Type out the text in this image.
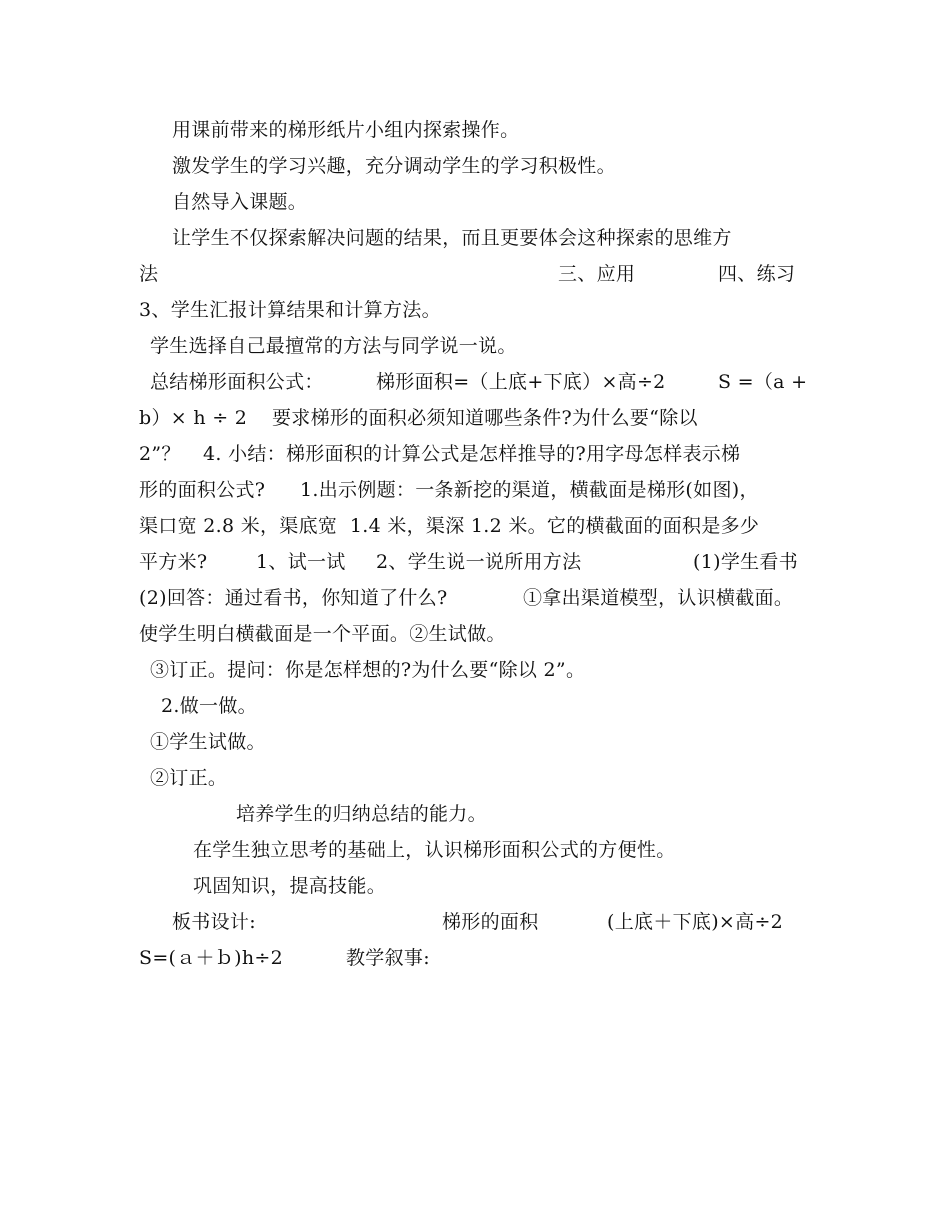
用课前带来的梯形纸片小组内探索操作。
激发学生的学习兴趣，充分调动学生的学习积极性。
自然导入课题。
让学生不仅探索解决问题的结果，而且更要体会这种探索的思维方
法	三、应用	四、练习
3、学生汇报计算结果和计算方法。
学生选择自己最擅常的方法与同学说一说。
总结梯形面积公式：	梯形面积=（上底+下底）×高÷2	S =（a +
b）× h ÷ 2 要求梯形的面积必须知道哪些条件?为什么要“除以
2”？ 4. 小结：梯形面积的计算公式是怎样推导的?用字母怎样表示梯
形的面积公式? 1.出示例题：一条新挖的渠道，横截面是梯形(如图)，
渠口宽 2.8 米，渠底宽  1.4 米，渠深 1.2 米。它的横截面的面积是多少
平方米?	1、试一试 2、学生说一说所用方法	(1)学生看书
(2)回答：通过看书，你知道了什么?	①拿出渠道模型，认识横截面。
使学生明白横截面是一个平面。②生试做。
③订正。提问：你是怎样想的?为什么要“除以 2”。
2.做一做。
①学生试做。
②订正。
培养学生的归纳总结的能力。
在学生独立思考的基础上，认识梯形面积公式的方便性。
巩固知识，提高技能。
板书设计:	梯形的面积	(上底＋下底)×高÷2
S=(ａ＋ｂ)h÷2	教学叙事:
